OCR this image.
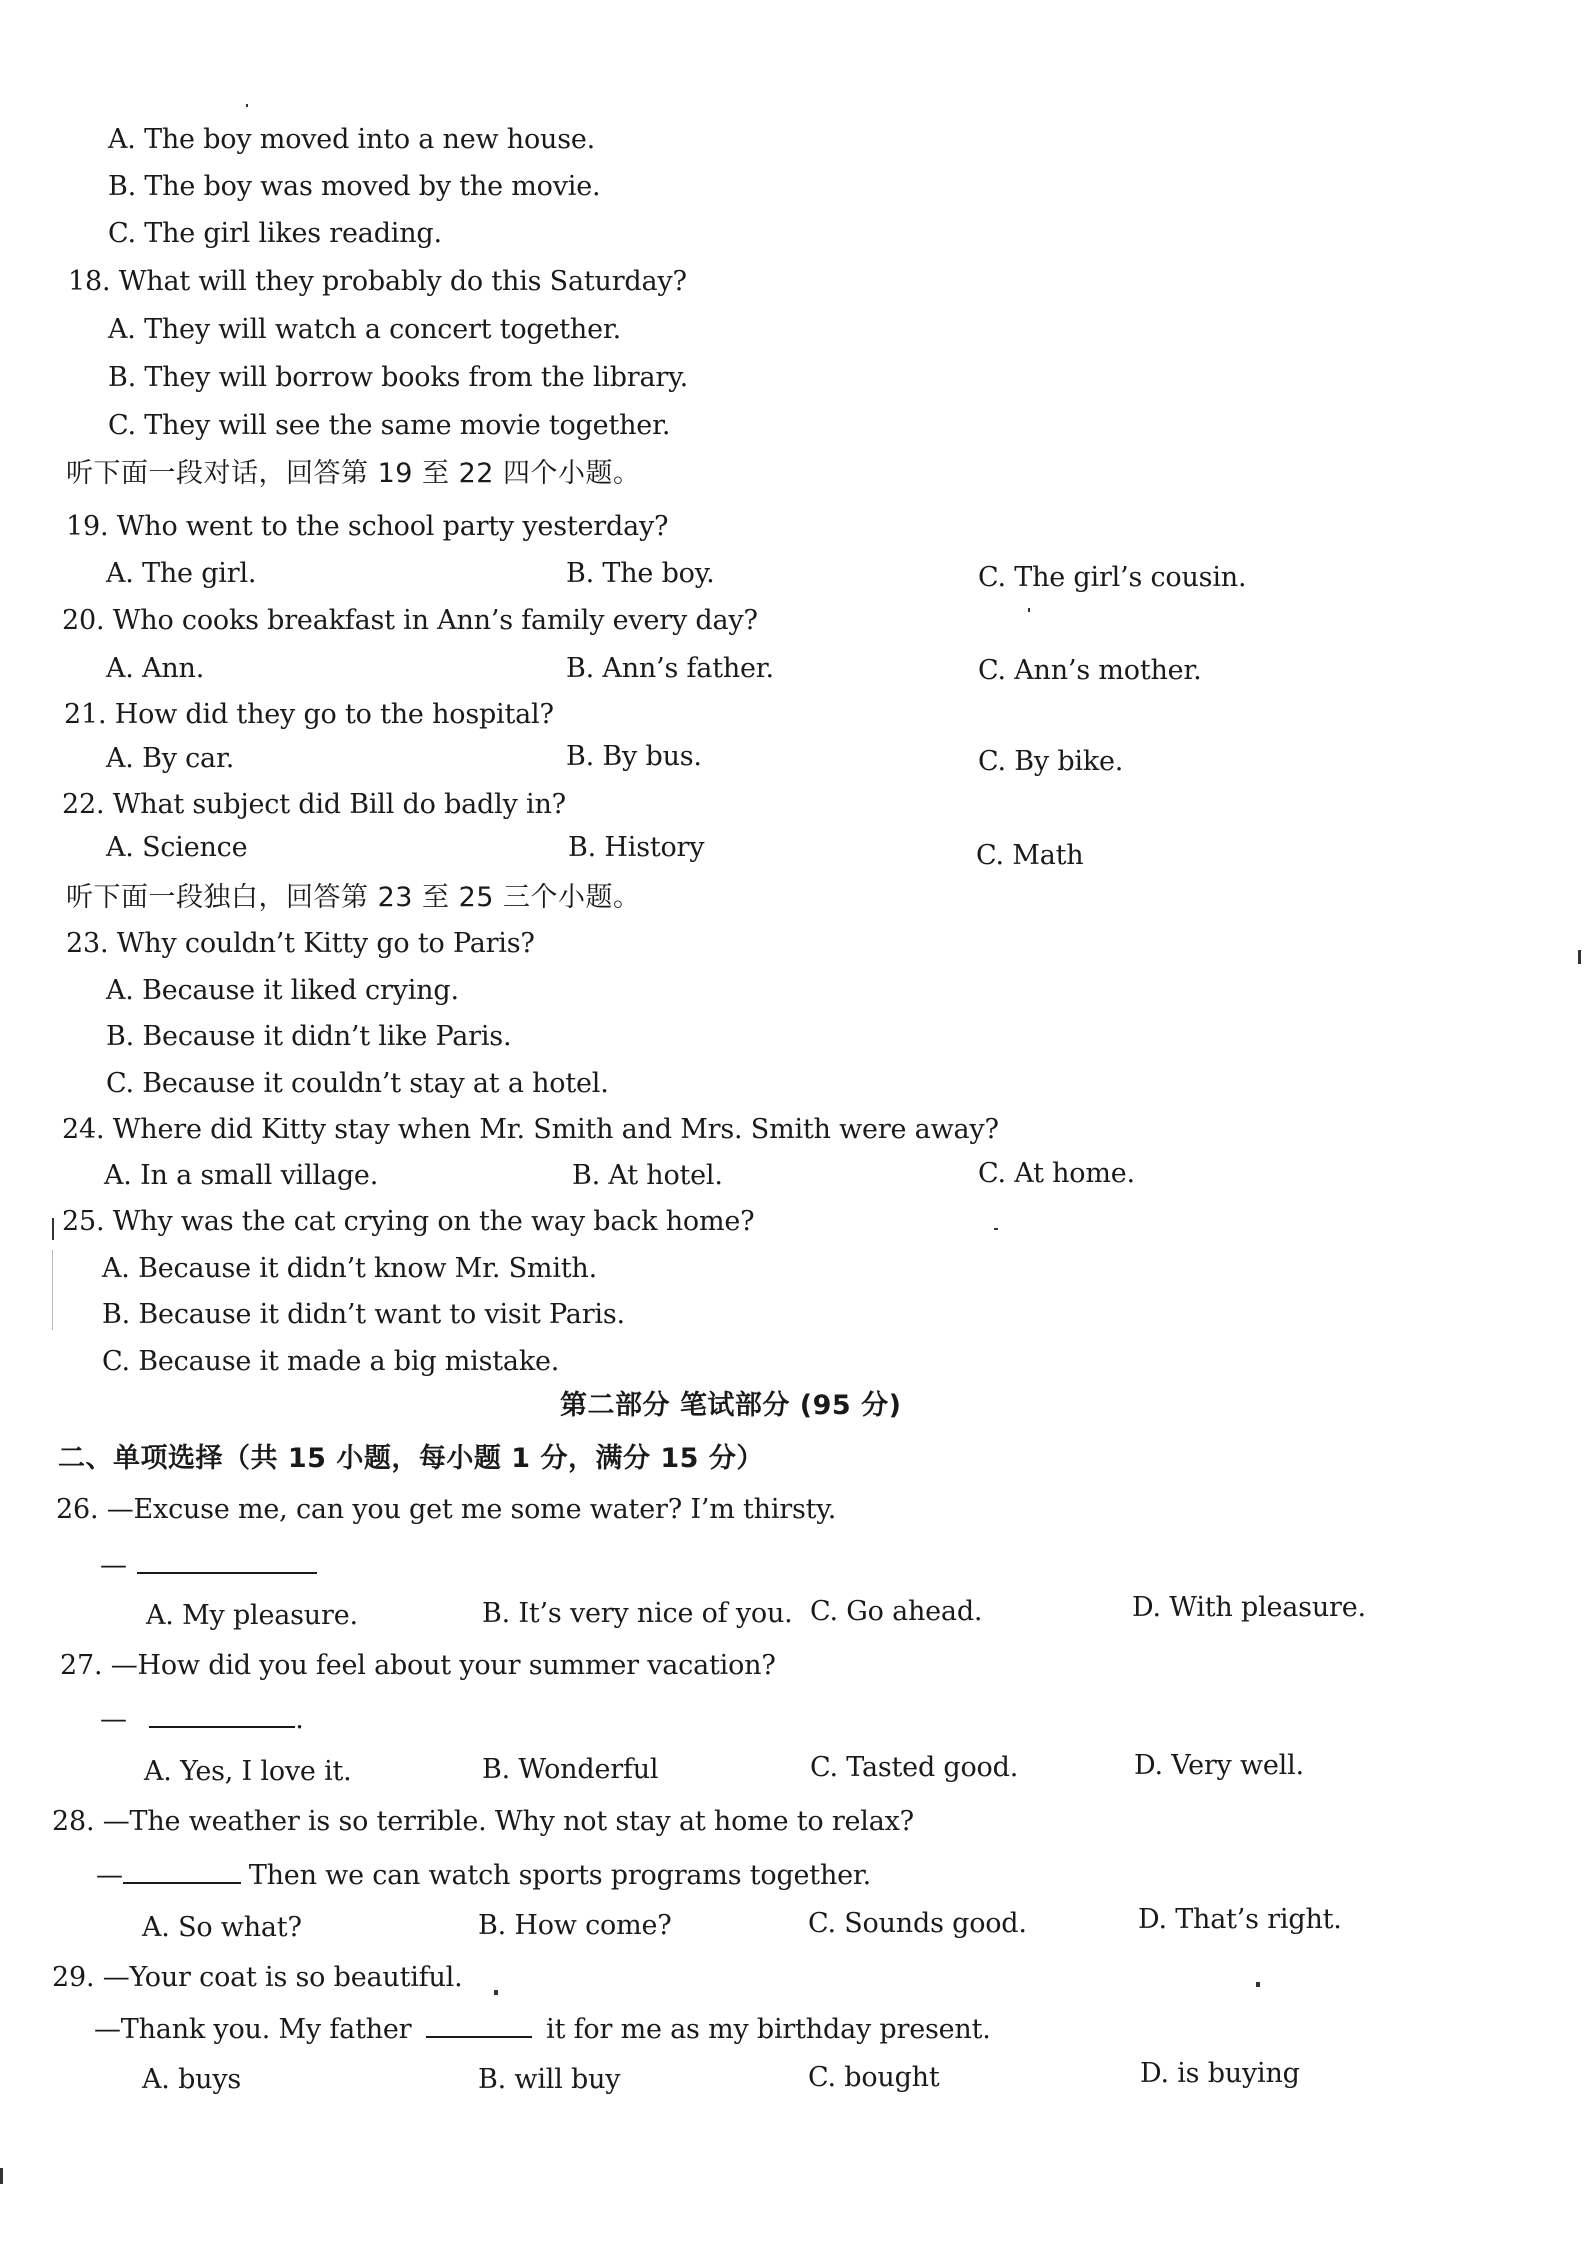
A. The boy moved into a new house.
B. The boy was moved by the movie.
C. The girl likes reading.
18. What will they probably do this Saturday?
A. They will watch a concert together.
B. They will borrow books from the library.
C. They will see the same movie together.
听下面一段对话，回答第 19 至 22 四个小题。
19. Who went to the school party yesterday?
A. The girl.	B. The boy.	C. The girl’s cousin.
20. Who cooks breakfast in Ann’s family every day?
A. Ann.	B. Ann’s father.	C. Ann’s mother.
21. How did they go to the hospital?
A. By car.	B. By bus.	C. By bike.
22. What subject did Bill do badly in?
A. Science	B. History	C. Math
听下面一段独白，回答第 23 至 25 三个小题。
23. Why couldn’t Kitty go to Paris?
A. Because it liked crying.
B. Because it didn’t like Paris.
C. Because it couldn’t stay at a hotel.
24. Where did Kitty stay when Mr. Smith and Mrs. Smith were away?
A. In a small village.	B. At hotel.	C. At home.
25. Why was the cat crying on the way back home?
A. Because it didn’t know Mr. Smith.
B. Because it didn’t want to visit Paris.
C. Because it made a big mistake.
第二部分 笔试部分 (95 分)
二、单项选择（共 15 小题，每小题 1 分，满分 15 分）
26. —Excuse me, can you get me some water? I’m thirsty.
—
A. My pleasure.	B. It’s very nice of you. C. Go ahead.	D. With pleasure.
27. —How did you feel about your summer vacation?
—	.
A. Yes, I love it.	B. Wonderful	C. Tasted good.	D. Very well.
28. —The weather is so terrible. Why not stay at home to relax?
—	Then we can watch sports programs together.
A. So what?	B. How come?	C. Sounds good.	D. That’s right.
29. —Your coat is so beautiful.
—Thank you. My father	it for me as my birthday present.
A. buys	B. will buy	C. bought	D. is buying
